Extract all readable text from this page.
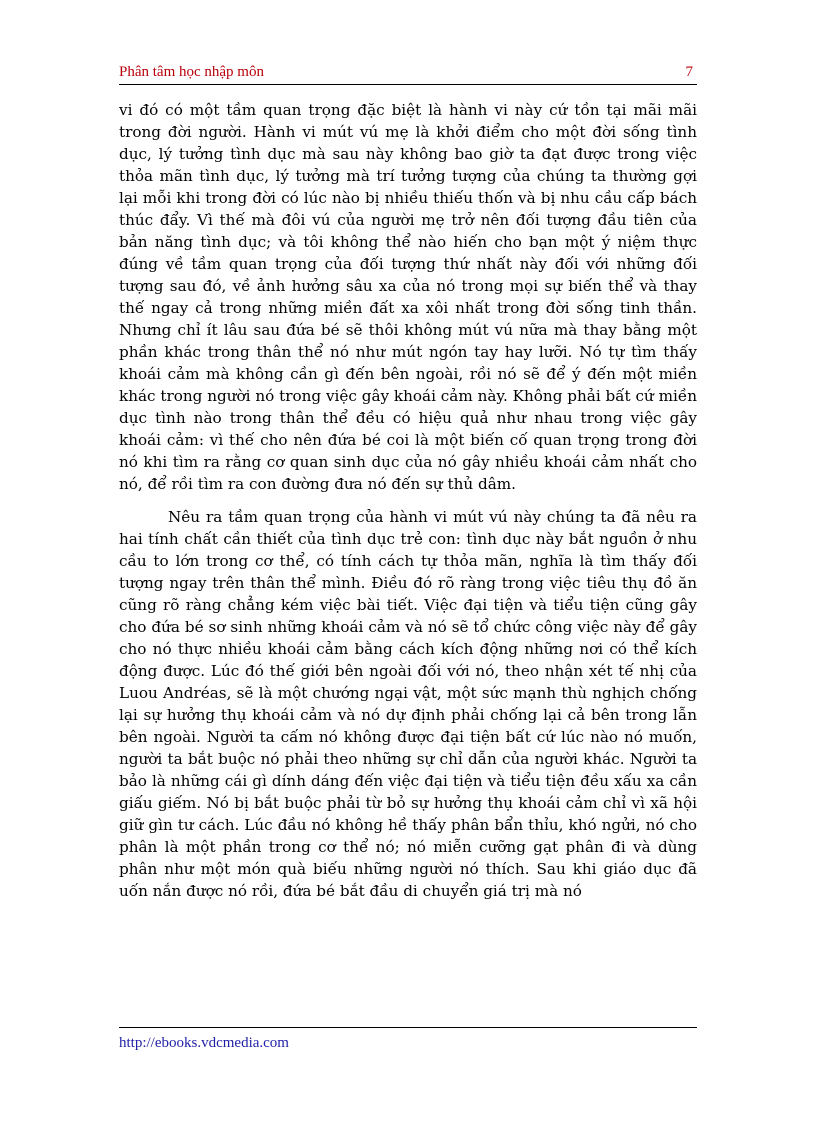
Phân tâm học nhập môn	7

vi đó có một tầm quan trọng đặc biệt là hành vi này cứ tồn tại mãi mãi trong đời người. Hành vi mút vú mẹ là khởi điểm cho một đời sống tình dục, lý tưởng tình dục mà sau này không bao giờ ta đạt được trong việc thỏa mãn tình dục, lý tưởng mà trí tưởng tượng của chúng ta thường gợi lại mỗi khi trong đời có lúc nào bị nhiều thiếu thốn và bị nhu cầu cấp bách thúc đẩy. Vì thế mà đôi vú của người mẹ trở nên đối tượng đầu tiên của bản năng tình dục; và tôi không thể nào hiến cho bạn một ý niệm thực đúng về tầm quan trọng của đối tượng thứ nhất này đối với những đối tượng sau đó, về ảnh hưởng sâu xa của nó trong mọi sự biến thể và thay thế ngay cả trong những miền đất xa xôi nhất trong đời sống tinh thần. Nhưng chỉ ít lâu sau đứa bé sẽ thôi không mút vú nữa mà thay bằng một phần khác trong thân thể nó như mút ngón tay hay lưỡi. Nó tự tìm thấy khoái cảm mà không cần gì đến bên ngoài, rồi nó sẽ để ý đến một miền khác trong người nó trong việc gây khoái cảm này. Không phải bất cứ miền dục tình nào trong thân thể đều có hiệu quả như nhau trong việc gây khoái cảm: vì thế cho nên đứa bé coi là một biến cố quan trọng trong đời nó khi tìm ra rằng cơ quan sinh dục của nó gây nhiều khoái cảm nhất cho nó, để rồi tìm ra con đường đưa nó đến sự thủ dâm.

Nêu ra tầm quan trọng của hành vi mút vú này chúng ta đã nêu ra hai tính chất cần thiết của tình dục trẻ con: tình dục này bắt nguồn ở nhu cầu to lớn trong cơ thể, có tính cách tự thỏa mãn, nghĩa là tìm thấy đối tượng ngay trên thân thể mình. Điều đó rõ ràng trong việc tiêu thụ đồ ăn cũng rõ ràng chẳng kém việc bài tiết. Việc đại tiện và tiểu tiện cũng gây cho đứa bé sơ sinh những khoái cảm và nó sẽ tổ chức công việc này để gây cho nó thực nhiều khoái cảm bằng cách kích động những nơi có thể kích động được. Lúc đó thế giới bên ngoài đối với nó, theo nhận xét tế nhị của Luou Andréas, sẽ là một chướng ngại vật, một sức mạnh thù nghịch chống lại sự hưởng thụ khoái cảm và nó dự định phải chống lại cả bên trong lẫn bên ngoài. Người ta cấm nó không được đại tiện bất cứ lúc nào nó muốn, người ta bắt buộc nó phải theo những sự chỉ dẫn của người khác. Người ta bảo là những cái gì dính dáng đến việc đại tiện và tiểu tiện đều xấu xa cần giấu giếm. Nó bị bắt buộc phải từ bỏ sự hưởng thụ khoái cảm chỉ vì xã hội giữ gìn tư cách. Lúc đầu nó không hề thấy phân bẩn thỉu, khó ngửi, nó cho phân là một phần trong cơ thể nó; nó miễn cưỡng gạt phân đi và dùng phân như một món quà biếu những người nó thích. Sau khi giáo dục đã uốn nắn được nó rồi, đứa bé bắt đầu di chuyển giá trị mà nó

http://ebooks.vdcmedia.com
